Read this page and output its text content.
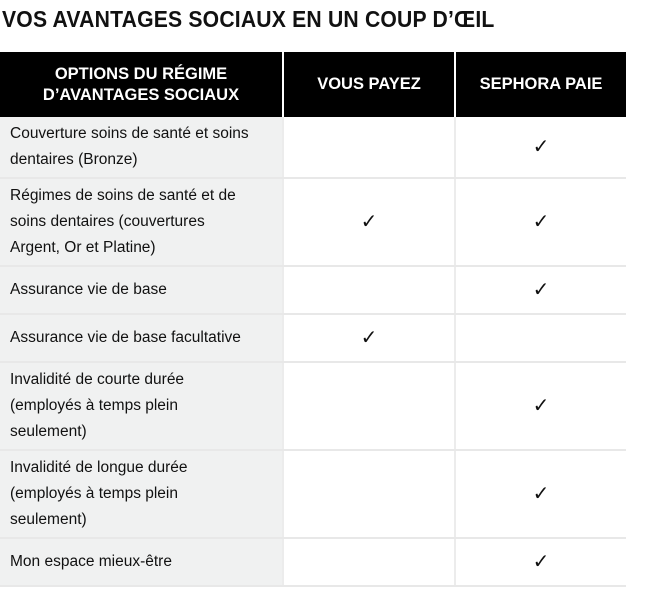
VOS AVANTAGES SOCIAUX EN UN COUP D’ŒIL
OPTIONS DU RÉGIME D’AVANTAGES SOCIAUX	VOUS PAYEZ	SEPHORA PAIE
Couverture soins de santé et soins dentaires (Bronze)		✓
Régimes de soins de santé et de soins dentaires (couvertures Argent, Or et Platine)	✓	✓
Assurance vie de base		✓
Assurance vie de base facultative	✓	
Invalidité de courte durée (employés à temps plein seulement)		✓
Invalidité de longue durée (employés à temps plein seulement)		✓
Mon espace mieux-être		✓
